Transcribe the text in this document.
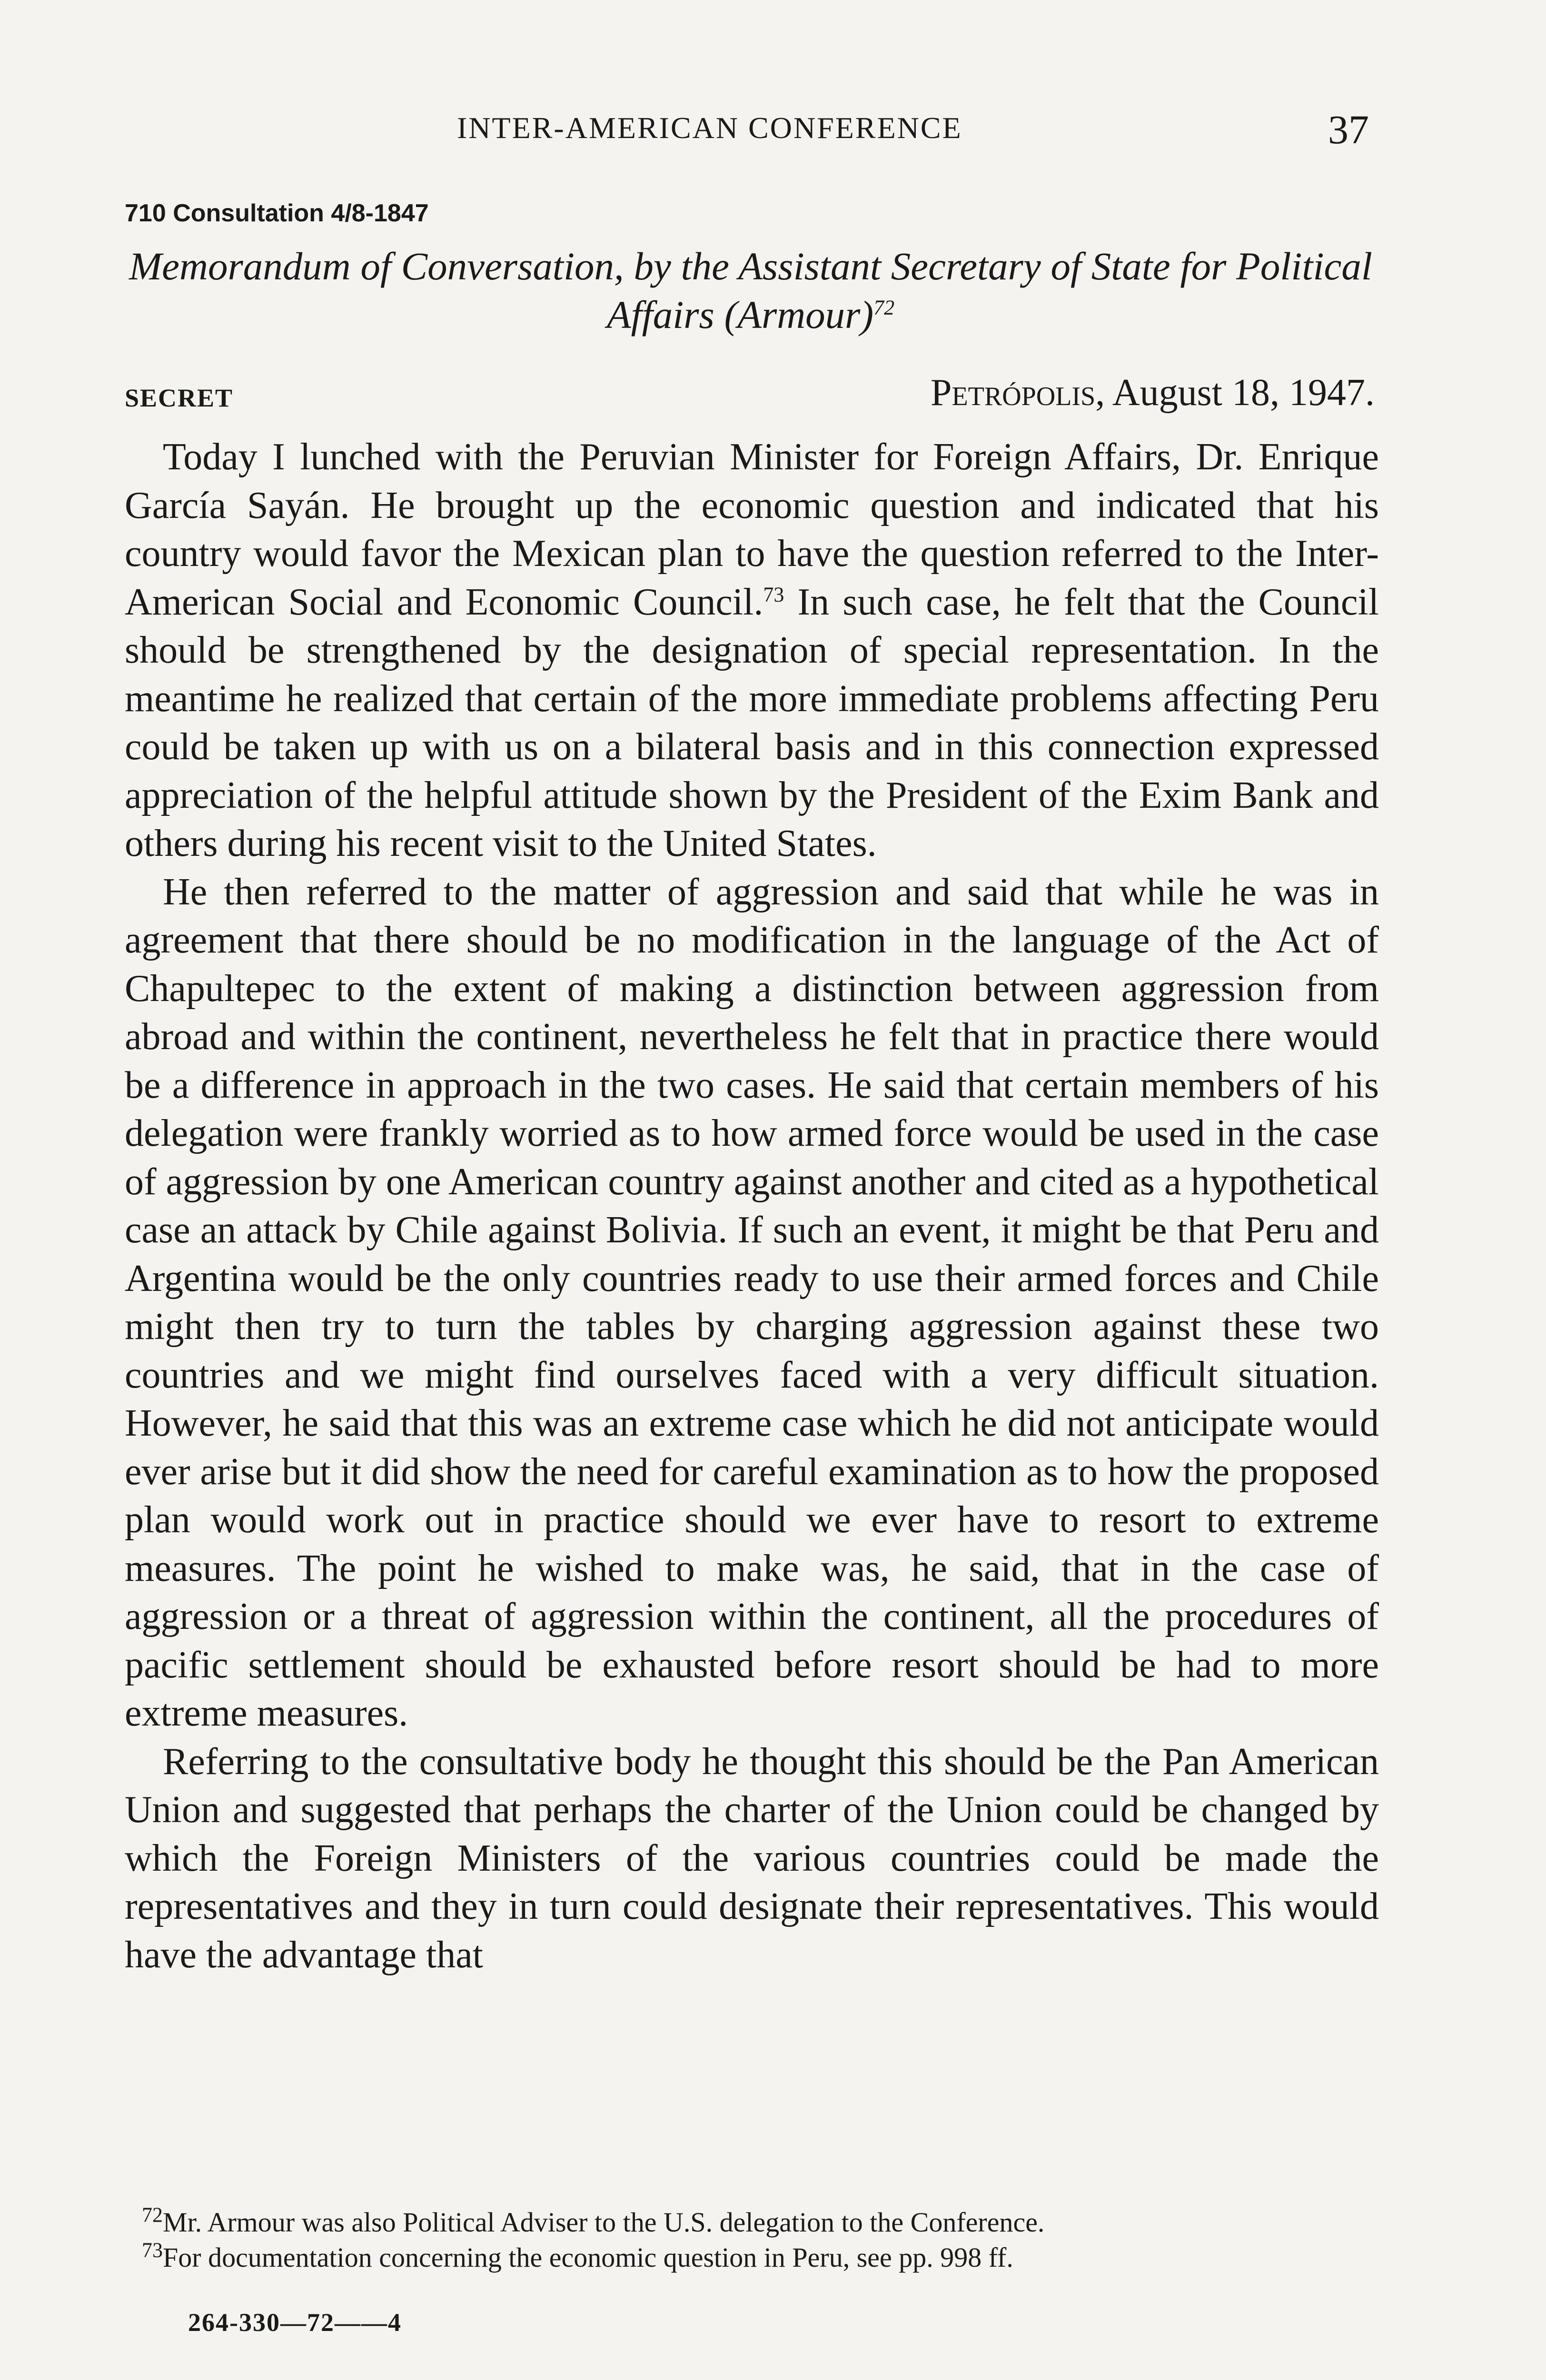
INTER-AMERICAN CONFERENCE	37
710 Consultation 4/8-1847
Memorandum of Conversation, by the Assistant Secretary of State for Political Affairs (Armour)$^{72}$
SECRET	Petrópolis, August 18, 1947.

Today I lunched with the Peruvian Minister for Foreign Affairs, Dr. Enrique García Sayán. He brought up the economic question and indicated that his country would favor the Mexican plan to have the question referred to the Inter-American Social and Economic Council.$^{73}$ In such case, he felt that the Council should be strengthened by the designation of special representation. In the meantime he realized that certain of the more immediate problems affecting Peru could be taken up with us on a bilateral basis and in this connection expressed appreciation of the helpful attitude shown by the President of the Exim Bank and others during his recent visit to the United States.

He then referred to the matter of aggression and said that while he was in agreement that there should be no modification in the language of the Act of Chapultepec to the extent of making a distinction between aggression from abroad and within the continent, nevertheless he felt that in practice there would be a difference in approach in the two cases. He said that certain members of his delegation were frankly worried as to how armed force would be used in the case of aggression by one American country against another and cited as a hypothetical case an attack by Chile against Bolivia. If such an event, it might be that Peru and Argentina would be the only countries ready to use their armed forces and Chile might then try to turn the tables by charging aggression against these two countries and we might find ourselves faced with a very difficult situation. However, he said that this was an extreme case which he did not anticipate would ever arise but it did show the need for careful examination as to how the proposed plan would work out in practice should we ever have to resort to extreme measures. The point he wished to make was, he said, that in the case of aggression or a threat of aggression within the continent, all the procedures of pacific settlement should be exhausted before resort should be had to more extreme measures.

Referring to the consultative body he thought this should be the Pan American Union and suggested that perhaps the charter of the Union could be changed by which the Foreign Ministers of the various countries could be made the representatives and they in turn could designate their representatives. This would have the advantage that

$^{72}$Mr. Armour was also Political Adviser to the U.S. delegation to the Conference.

$^{73}$For documentation concerning the economic question in Peru, see pp. 998 ff.

264-330—72——4
